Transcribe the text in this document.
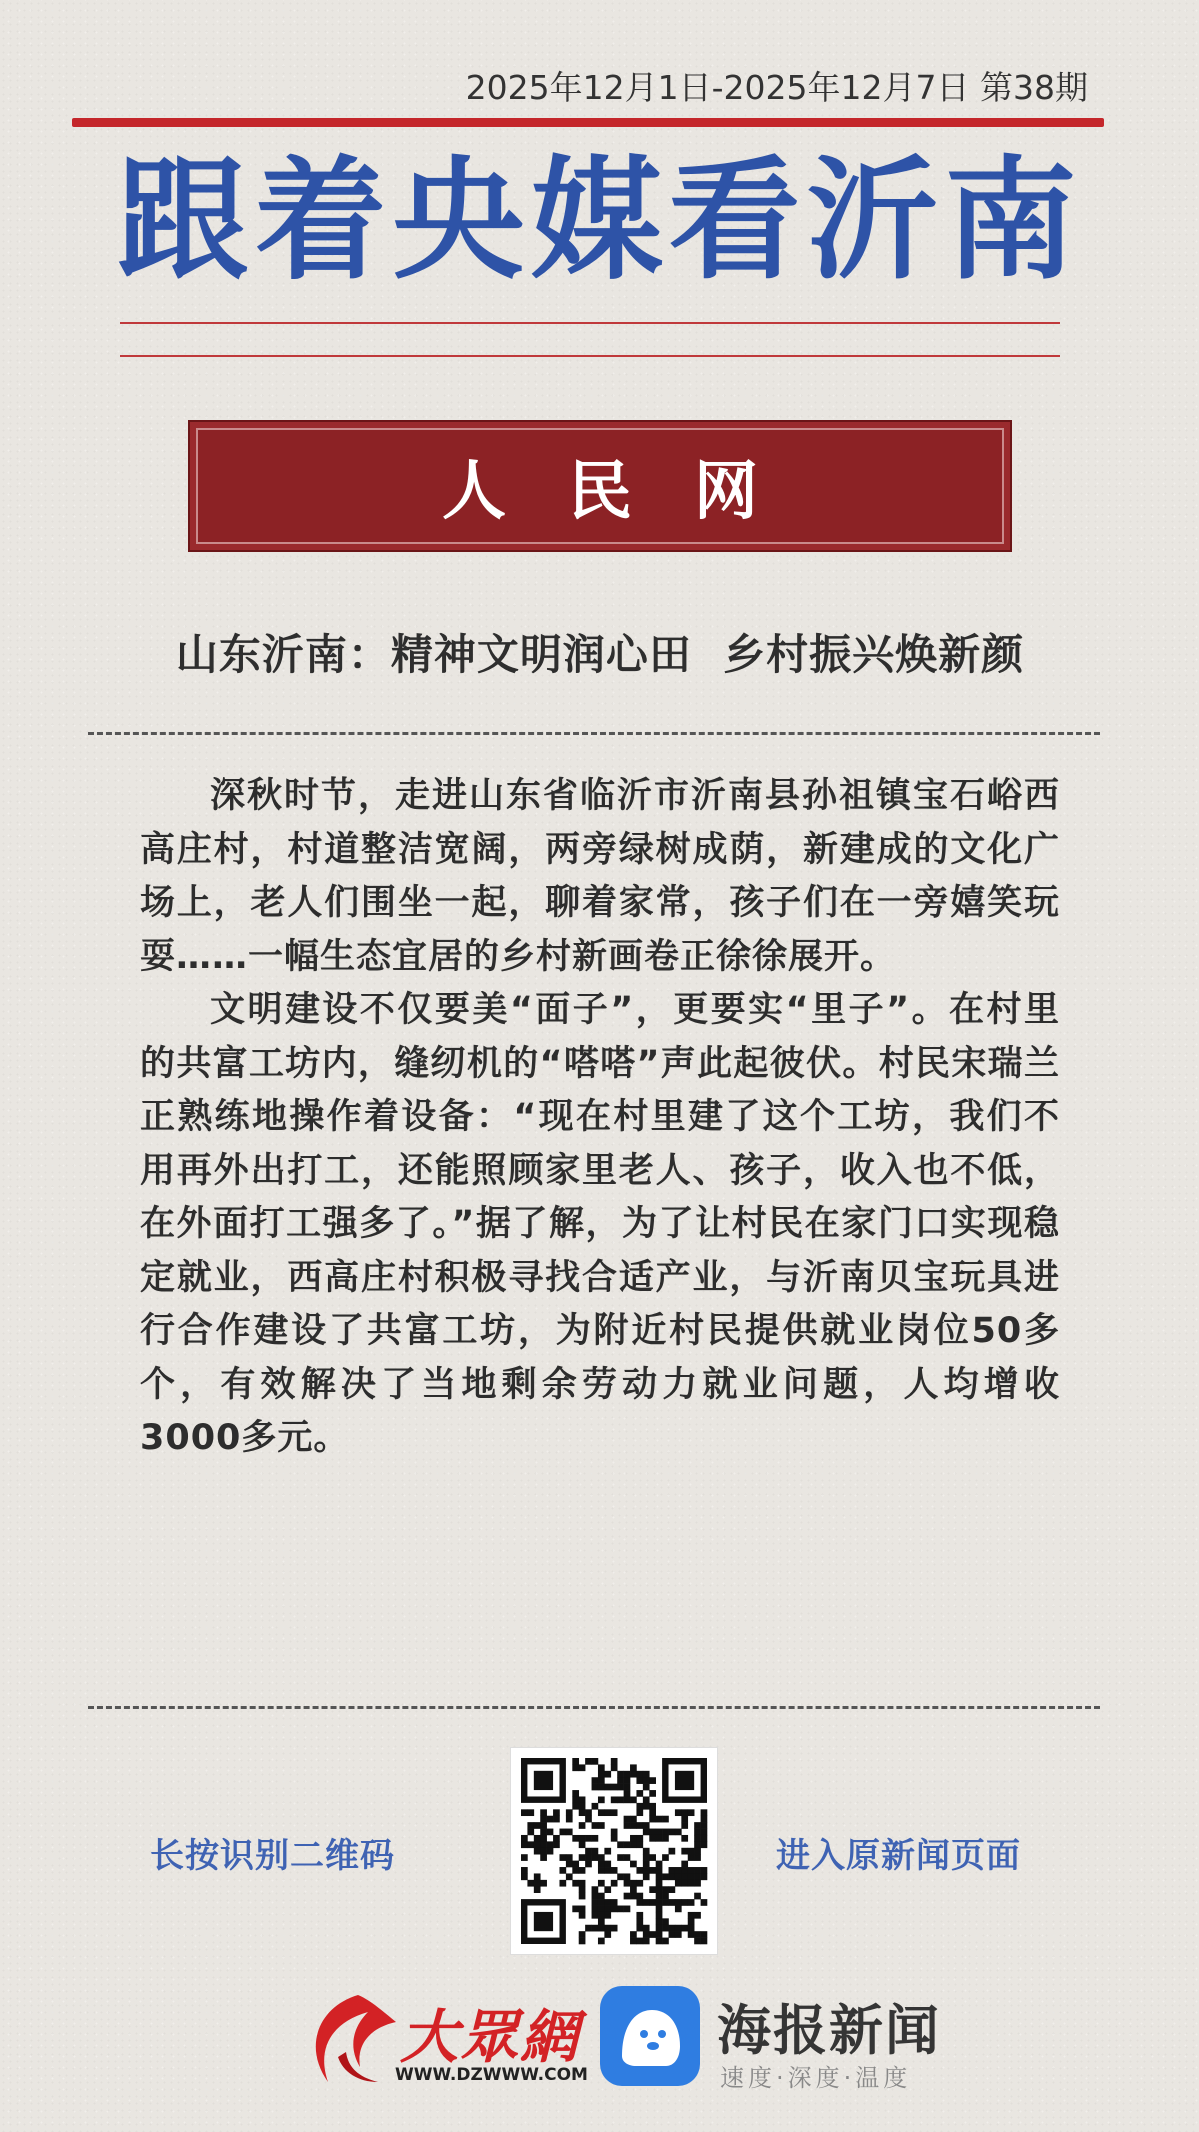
2025年12月1日-2025年12月7日 第38期
跟着央媒看沂南
人民网
山东沂南：精神文明润心田  乡村振兴焕新颜

深秋时节，走进山东省临沂市沂南县孙祖镇宝石峪西高庄村，村道整洁宽阔，两旁绿树成荫，新建成的文化广场上，老人们围坐一起，聊着家常，孩子们在一旁嬉笑玩耍……一幅生态宜居的乡村新画卷正徐徐展开。

文明建设不仅要美“面子”，更要实“里子”。在村里的共富工坊内，缝纫机的“嗒嗒”声此起彼伏。村民宋瑞兰正熟练地操作着设备：“现在村里建了这个工坊，我们不用再外出打工，还能照顾家里老人、孩子，收入也不低，在外面打工强多了。”据了解，为了让村民在家门口实现稳定就业，西高庄村积极寻找合适产业，与沂南贝宝玩具进行合作建设了共富工坊，为附近村民提供就业岗位50多个，有效解决了当地剩余劳动力就业问题，人均增收3000多元。

长按识别二维码	进入原新闻页面
大眾網
WWW.DZWWW.COM
海报新闻
速度·深度·温度
